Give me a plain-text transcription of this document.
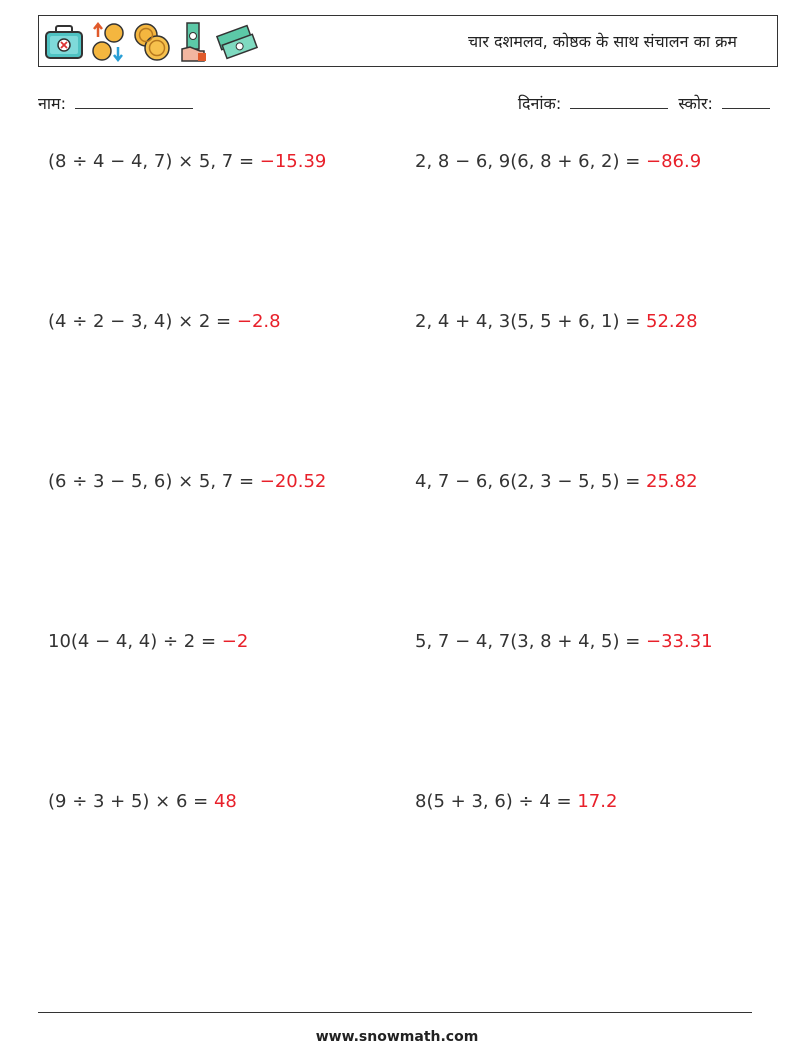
चार दशमलव, कोष्ठक के साथ संचालन का क्रम
नाम:	दिनांक:	स्कोर:
(8 ÷ 4 − 4, 7) × 5, 7 = −15.39	2, 8 − 6, 9(6, 8 + 6, 2) = −86.9
(4 ÷ 2 − 3, 4) × 2 = −2.8	2, 4 + 4, 3(5, 5 + 6, 1) = 52.28
(6 ÷ 3 − 5, 6) × 5, 7 = −20.52	4, 7 − 6, 6(2, 3 − 5, 5) = 25.82
10(4 − 4, 4) ÷ 2 = −2	5, 7 − 4, 7(3, 8 + 4, 5) = −33.31
(9 ÷ 3 + 5) × 6 = 48	8(5 + 3, 6) ÷ 4 = 17.2
www.snowmath.com
